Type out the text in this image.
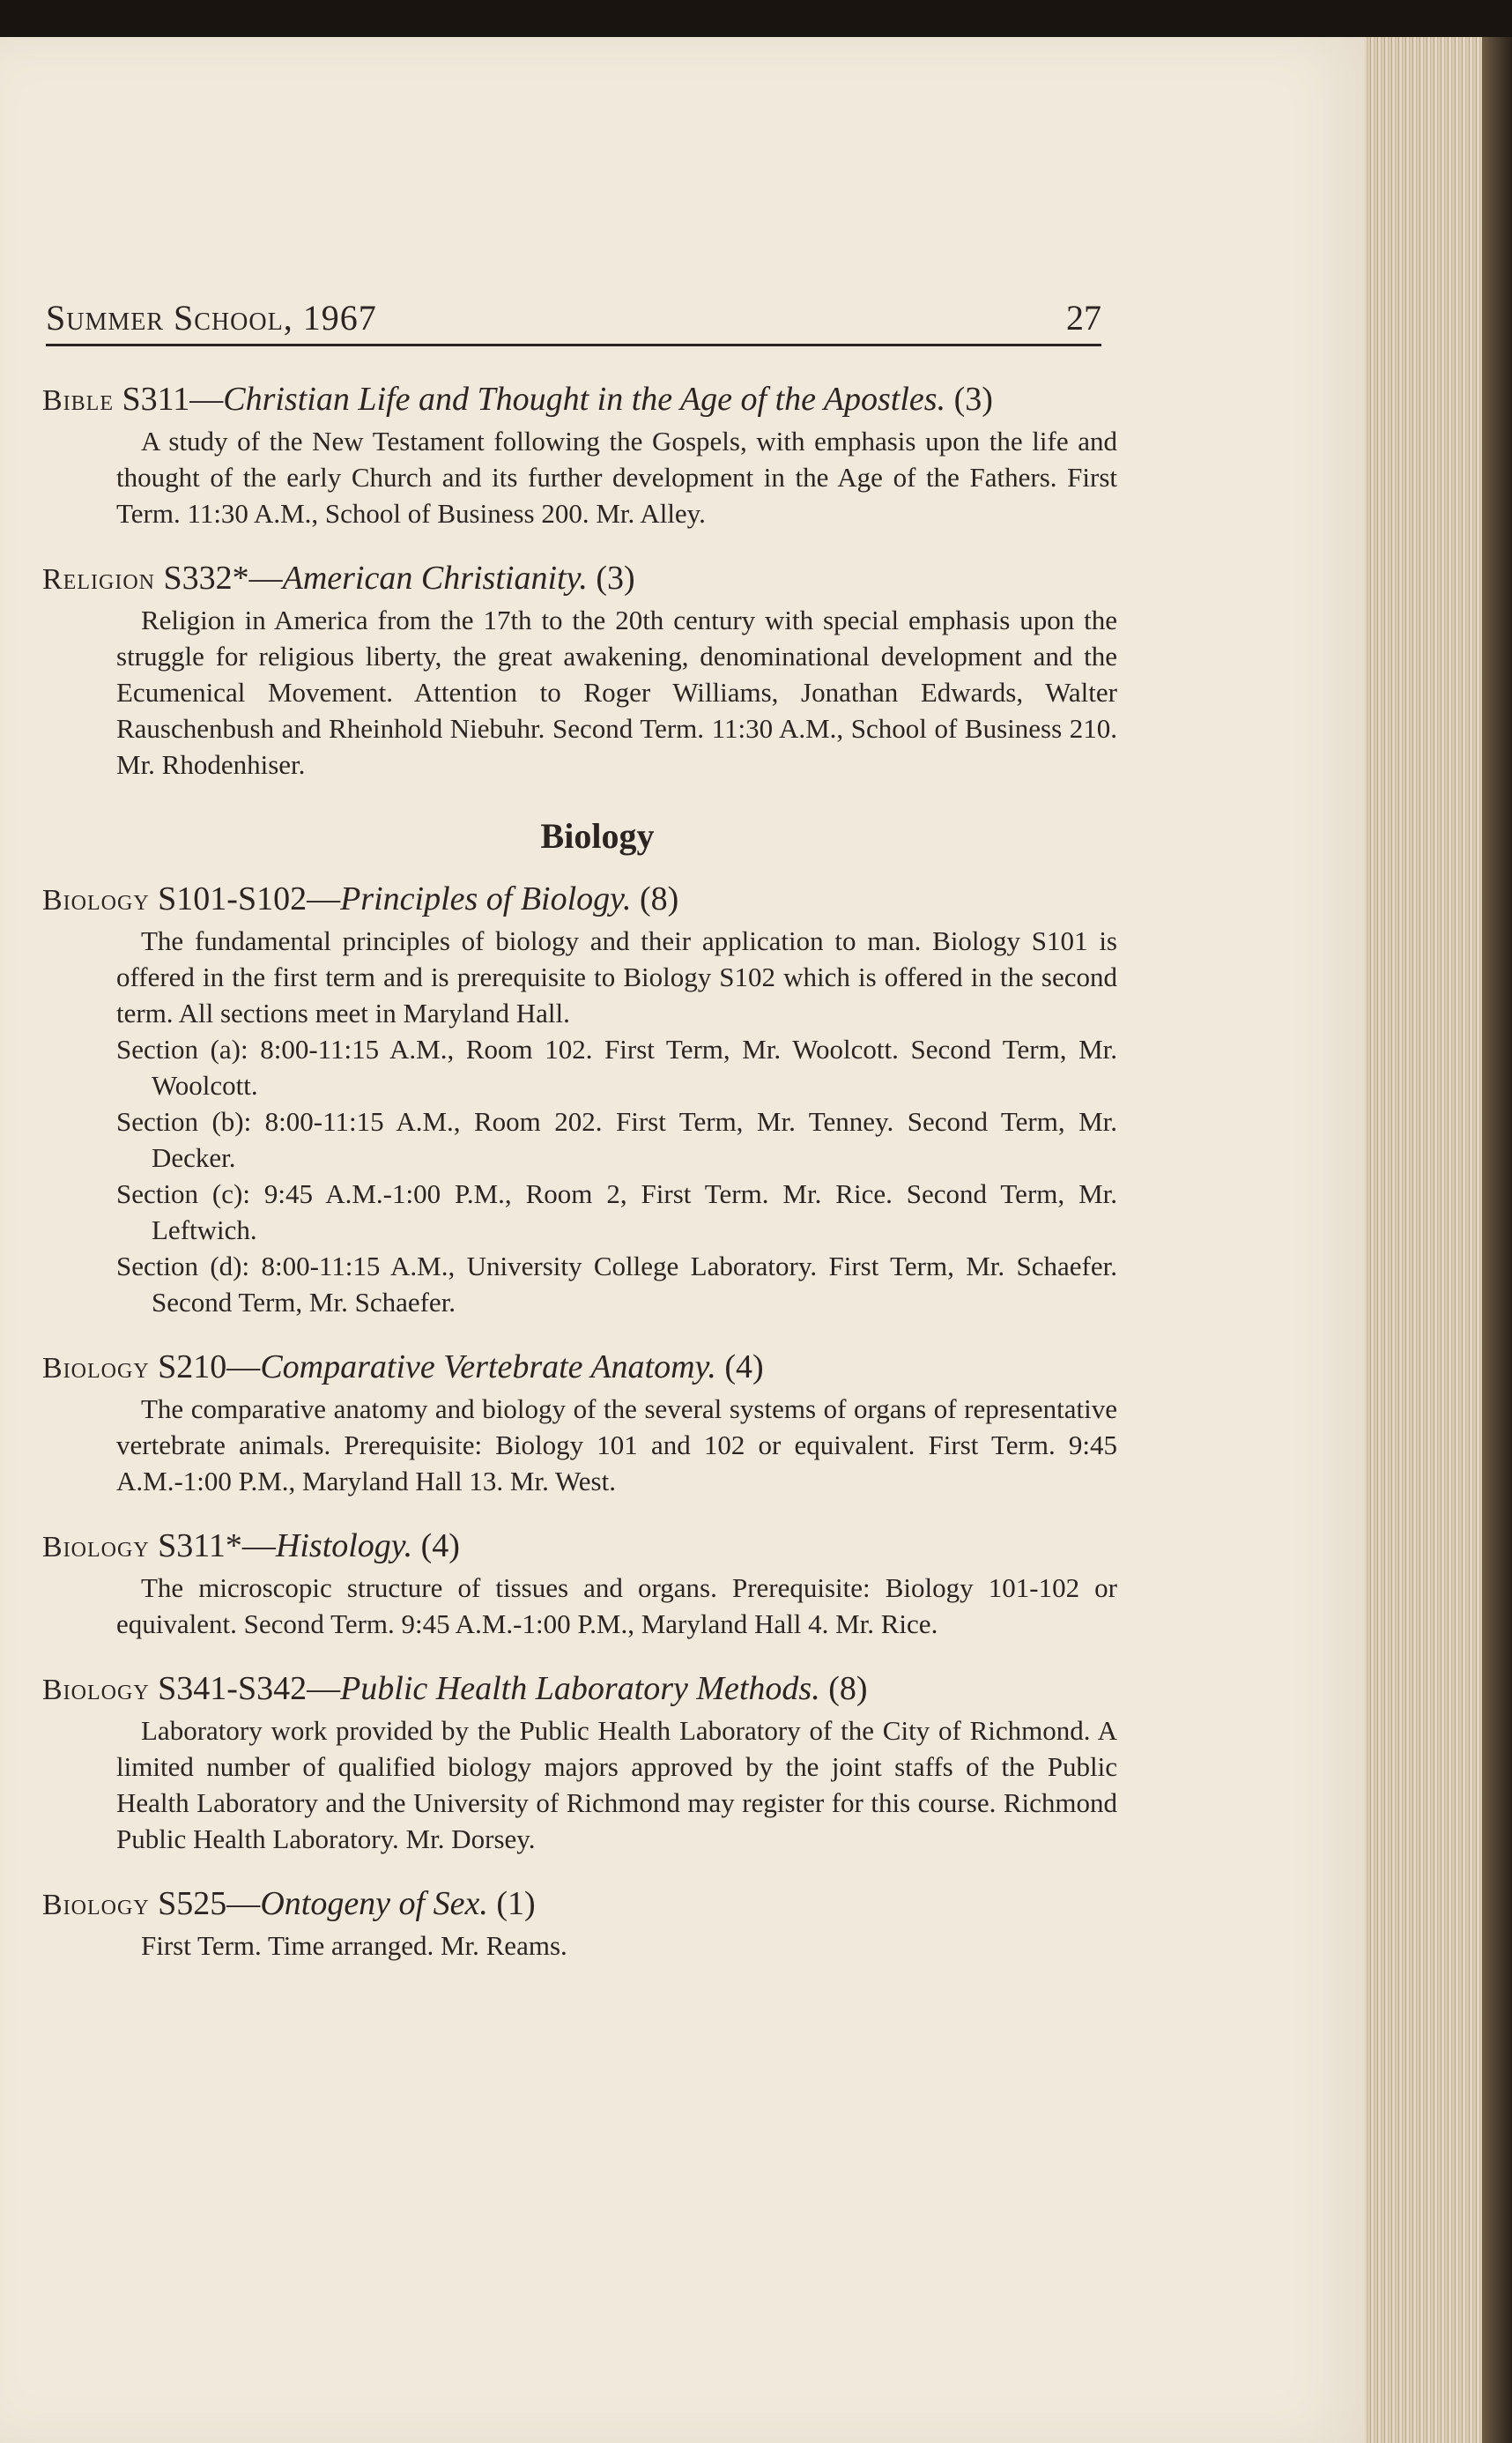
Summer School, 1967	27
Bible S311—Christian Life and Thought in the Age of the Apostles. (3)

A study of the New Testament following the Gospels, with emphasis upon the life and thought of the early Church and its further development in the Age of the Fathers. First Term. 11:30 A.M., School of Business 200. Mr. Alley.

Religion S332*—American Christianity. (3)

Religion in America from the 17th to the 20th century with special emphasis upon the struggle for religious liberty, the great awakening, denominational development and the Ecumenical Movement. Attention to Roger Williams, Jonathan Edwards, Walter Rauschenbush and Rheinhold Niebuhr. Second Term. 11:30 A.M., School of Business 210. Mr. Rhodenhiser.

Biology
Biology S101-S102—Principles of Biology. (8)

The fundamental principles of biology and their application to man. Biology S101 is offered in the first term and is prerequisite to Biology S102 which is offered in the second term. All sections meet in Maryland Hall.

Section (a): 8:00-11:15 A.M., Room 102. First Term, Mr. Woolcott. Second Term, Mr. Woolcott.

Section (b): 8:00-11:15 A.M., Room 202. First Term, Mr. Tenney. Second Term, Mr. Decker.

Section (c): 9:45 A.M.-1:00 P.M., Room 2, First Term. Mr. Rice. Second Term, Mr. Leftwich.

Section (d): 8:00-11:15 A.M., University College Laboratory. First Term, Mr. Schaefer. Second Term, Mr. Schaefer.

Biology S210—Comparative Vertebrate Anatomy. (4)

The comparative anatomy and biology of the several systems of organs of representative vertebrate animals. Prerequisite: Biology 101 and 102 or equivalent. First Term. 9:45 A.M.-1:00 P.M., Maryland Hall 13. Mr. West.

Biology S311*—Histology. (4)

The microscopic structure of tissues and organs. Prerequisite: Biology 101-102 or equivalent. Second Term. 9:45 A.M.-1:00 P.M., Maryland Hall 4. Mr. Rice.

Biology S341-S342—Public Health Laboratory Methods. (8)

Laboratory work provided by the Public Health Laboratory of the City of Richmond. A limited number of qualified biology majors approved by the joint staffs of the Public Health Laboratory and the University of Richmond may register for this course. Richmond Public Health Laboratory. Mr. Dorsey.

Biology S525—Ontogeny of Sex. (1)

First Term. Time arranged. Mr. Reams.
